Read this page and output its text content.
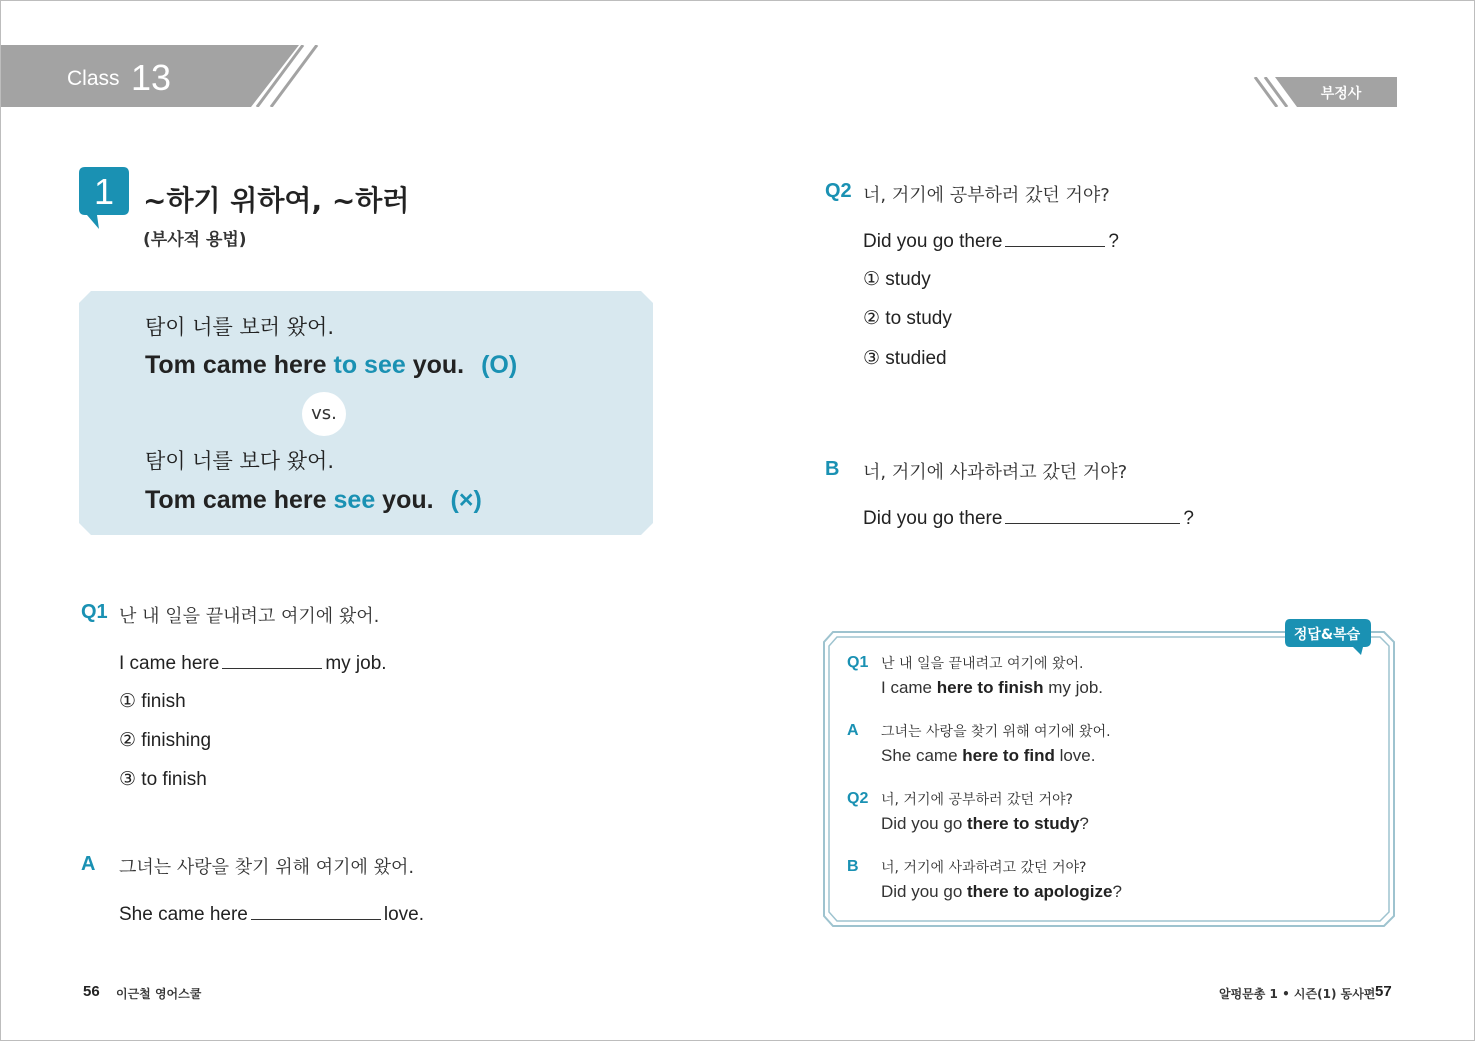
Class 13	부정사
1	~하기 위하여, ~하러
(부사적 용법)
탐이 너를 보러 왔어.
Tom came here to see you. (O)
vs.
탐이 너를 보다 왔어.
Tom came here see you. (×)
Q1 난 내 일을 끝내려고 여기에 왔어.
I came here	my job.
① finish
② finishing
③ to finish
A 그녀는 사랑을 찾기 위해 여기에 왔어.
She came here	love.
Q2 너, 거기에 공부하러 갔던 거야?
Did you go there	?
① study
② to study
③ studied
B 너, 거기에 사과하려고 갔던 거야?
Did you go there	?
정답&복습
Q1 난 내 일을 끝내려고 여기에 왔어.
I came here to finish my job.
A 그녀는 사랑을 찾기 위해 여기에 왔어.
She came here to find love.
Q2 너, 거기에 공부하러 갔던 거야?
Did you go there to study?
B 너, 거기에 사과하려고 갔던 거야?
Did you go there to apologize?
56 이근철 영어스쿨	알펑문총 1 • 시즌(1) 동사편 57
